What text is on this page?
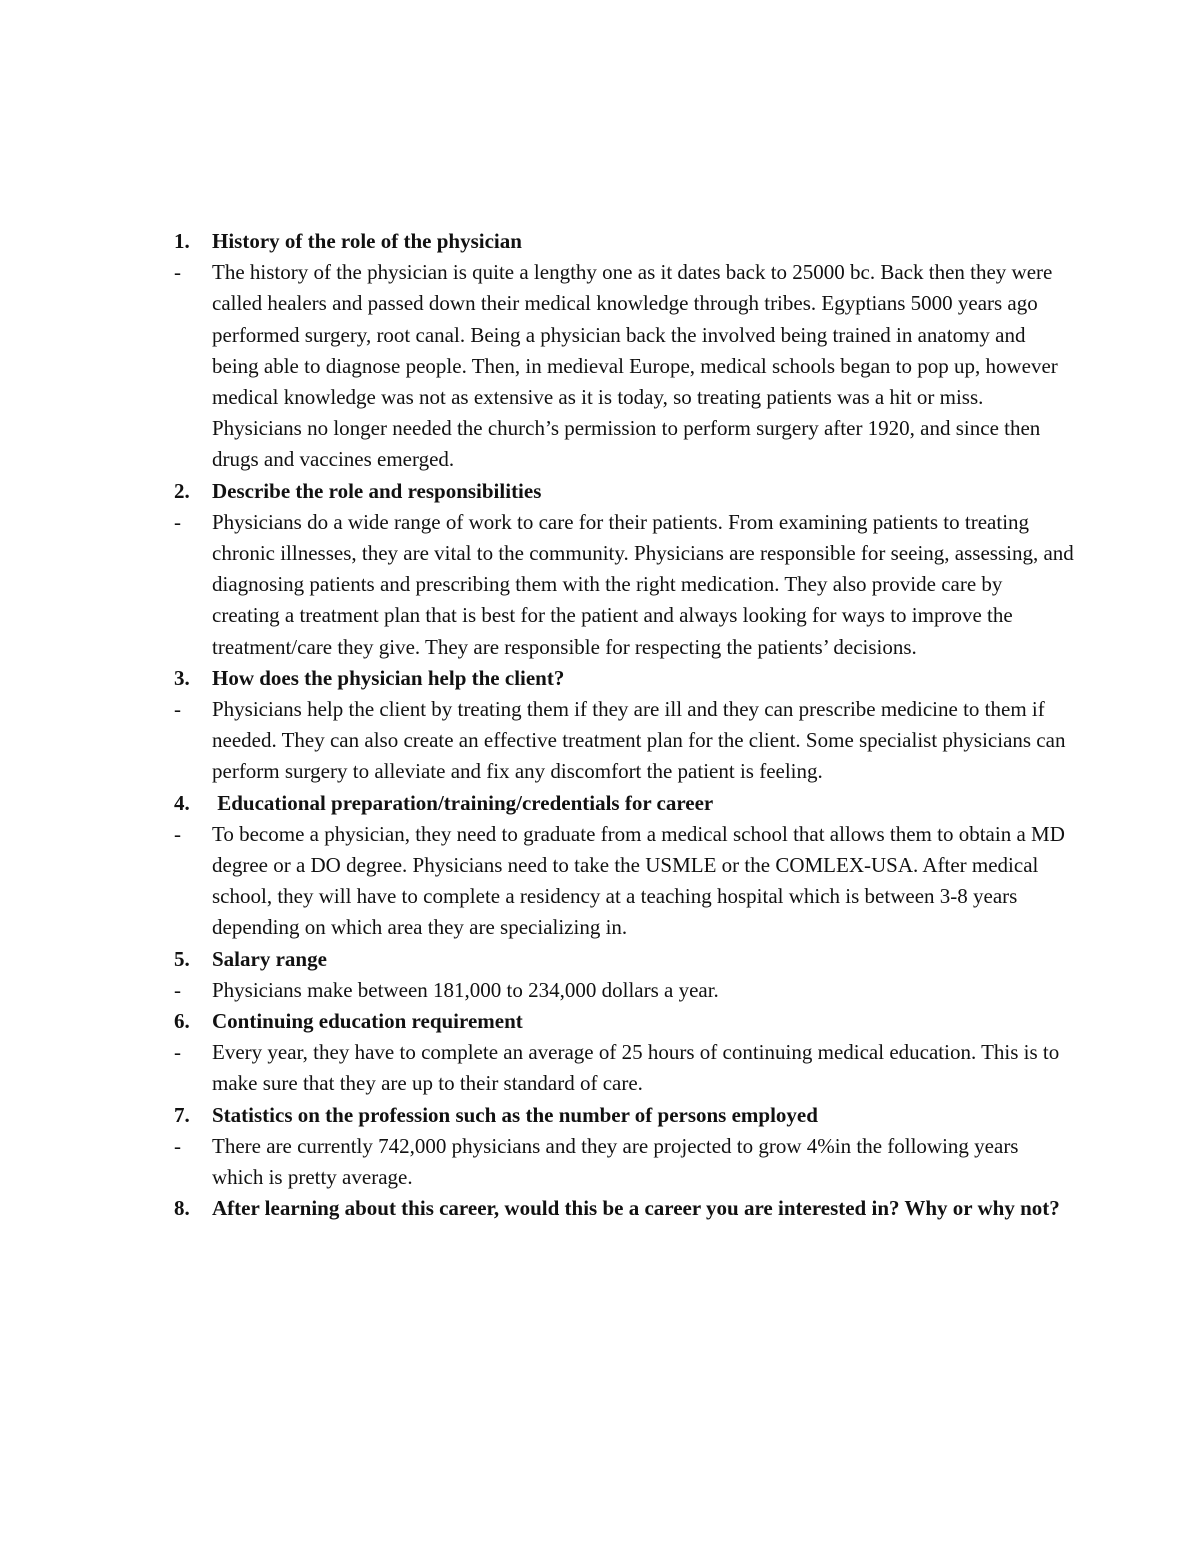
1.	History of the role of the physician
-	The history of the physician is quite a lengthy one as it dates back to 25000 bc. Back then they were called healers and passed down their medical knowledge through tribes. Egyptians 5000 years ago performed surgery, root canal. Being a physician back the involved being trained in anatomy and being able to diagnose people. Then, in medieval Europe, medical schools began to pop up, however medical knowledge was not as extensive as it is today, so treating patients was a hit or miss. Physicians no longer needed the church’s permission to perform surgery after 1920, and since then drugs and vaccines emerged.
2.	Describe the role and responsibilities
-	Physicians do a wide range of work to care for their patients. From examining patients to treating chronic illnesses, they are vital to the community. Physicians are responsible for seeing, assessing, and diagnosing patients and prescribing them with the right medication. They also provide care by creating a treatment plan that is best for the patient and always looking for ways to improve the treatment/care they give. They are responsible for respecting the patients’ decisions.
3.	How does the physician help the client?
-	Physicians help the client by treating them if they are ill and they can prescribe medicine to them if needed. They can also create an effective treatment plan for the client. Some specialist physicians can perform surgery to alleviate and fix any discomfort the patient is feeling.
4.	Educational preparation/training/credentials for career
-	To become a physician, they need to graduate from a medical school that allows them to obtain a MD degree or a DO degree. Physicians need to take the USMLE or the COMLEX-USA. After medical school, they will have to complete a residency at a teaching hospital which is between 3-8 years depending on which area they are specializing in.
5.	Salary range
-	Physicians make between 181,000 to 234,000 dollars a year.
6.	Continuing education requirement
-	Every year, they have to complete an average of 25 hours of continuing medical education. This is to make sure that they are up to their standard of care.
7.	Statistics on the profession such as the number of persons employed
-	There are currently 742,000 physicians and they are projected to grow 4%in the following years which is pretty average.
8.	After learning about this career, would this be a career you are interested in? Why or why not?
